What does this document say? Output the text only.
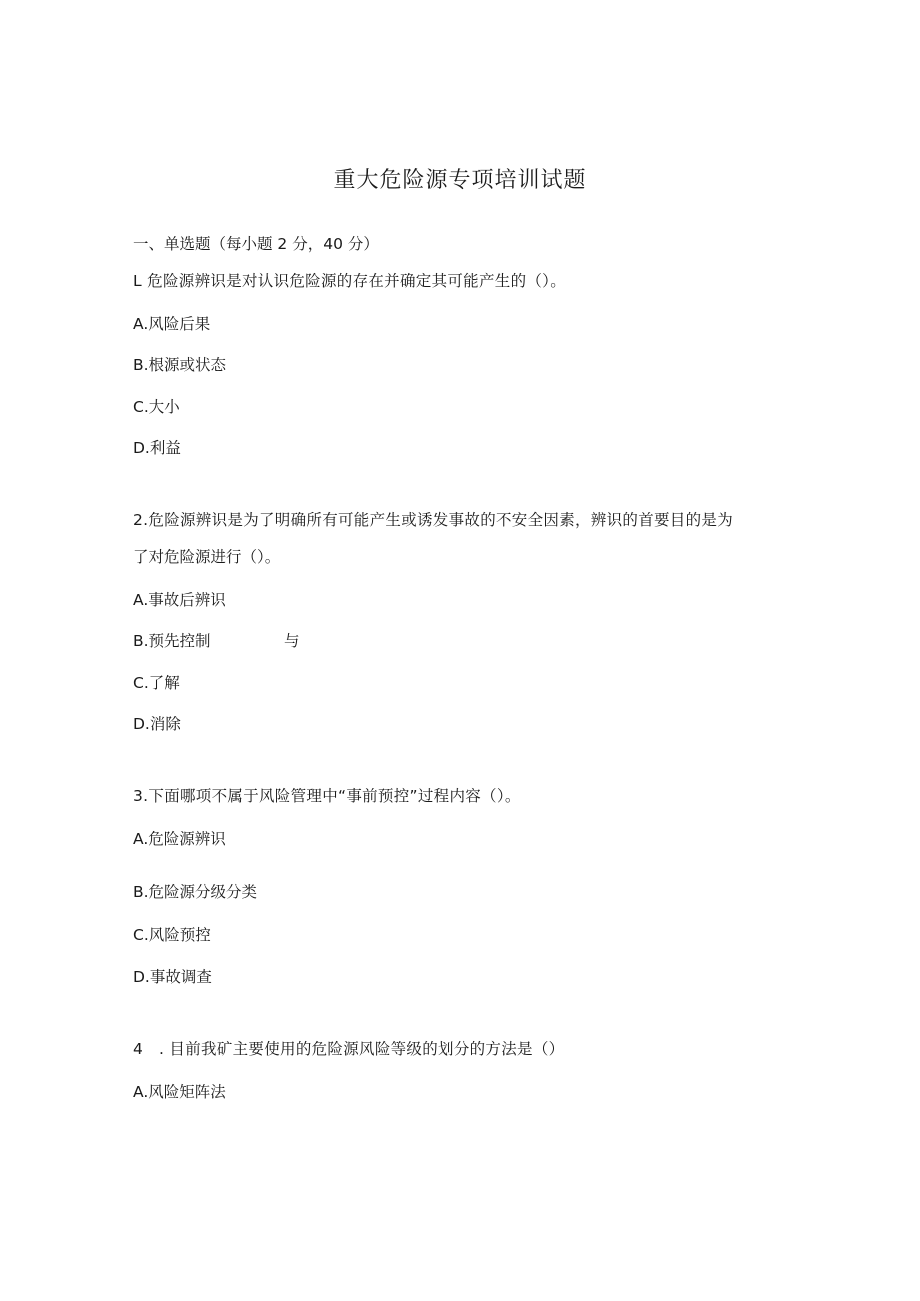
重大危险源专项培训试题
一、单选题（每小题 2 分，40 分）
L 危险源辨识是对认识危险源的存在并确定其可能产生的（）。
A.风险后果
B.根源或状态
C.大小
D.利益
2.危险源辨识是为了明确所有可能产生或诱发事故的不安全因素，辨识的首要目的是为
了对危险源进行（）。
A.事故后辨识
B.预先控制	与
C.了解
D.消除
3.下面哪项不属于风险管理中“事前预控”过程内容（）。
A.危险源辨识
B.危险源分级分类
C.风险预控
D.事故调查
4　. 目前我矿主要使用的危险源风险等级的划分的方法是（）
A.风险矩阵法
